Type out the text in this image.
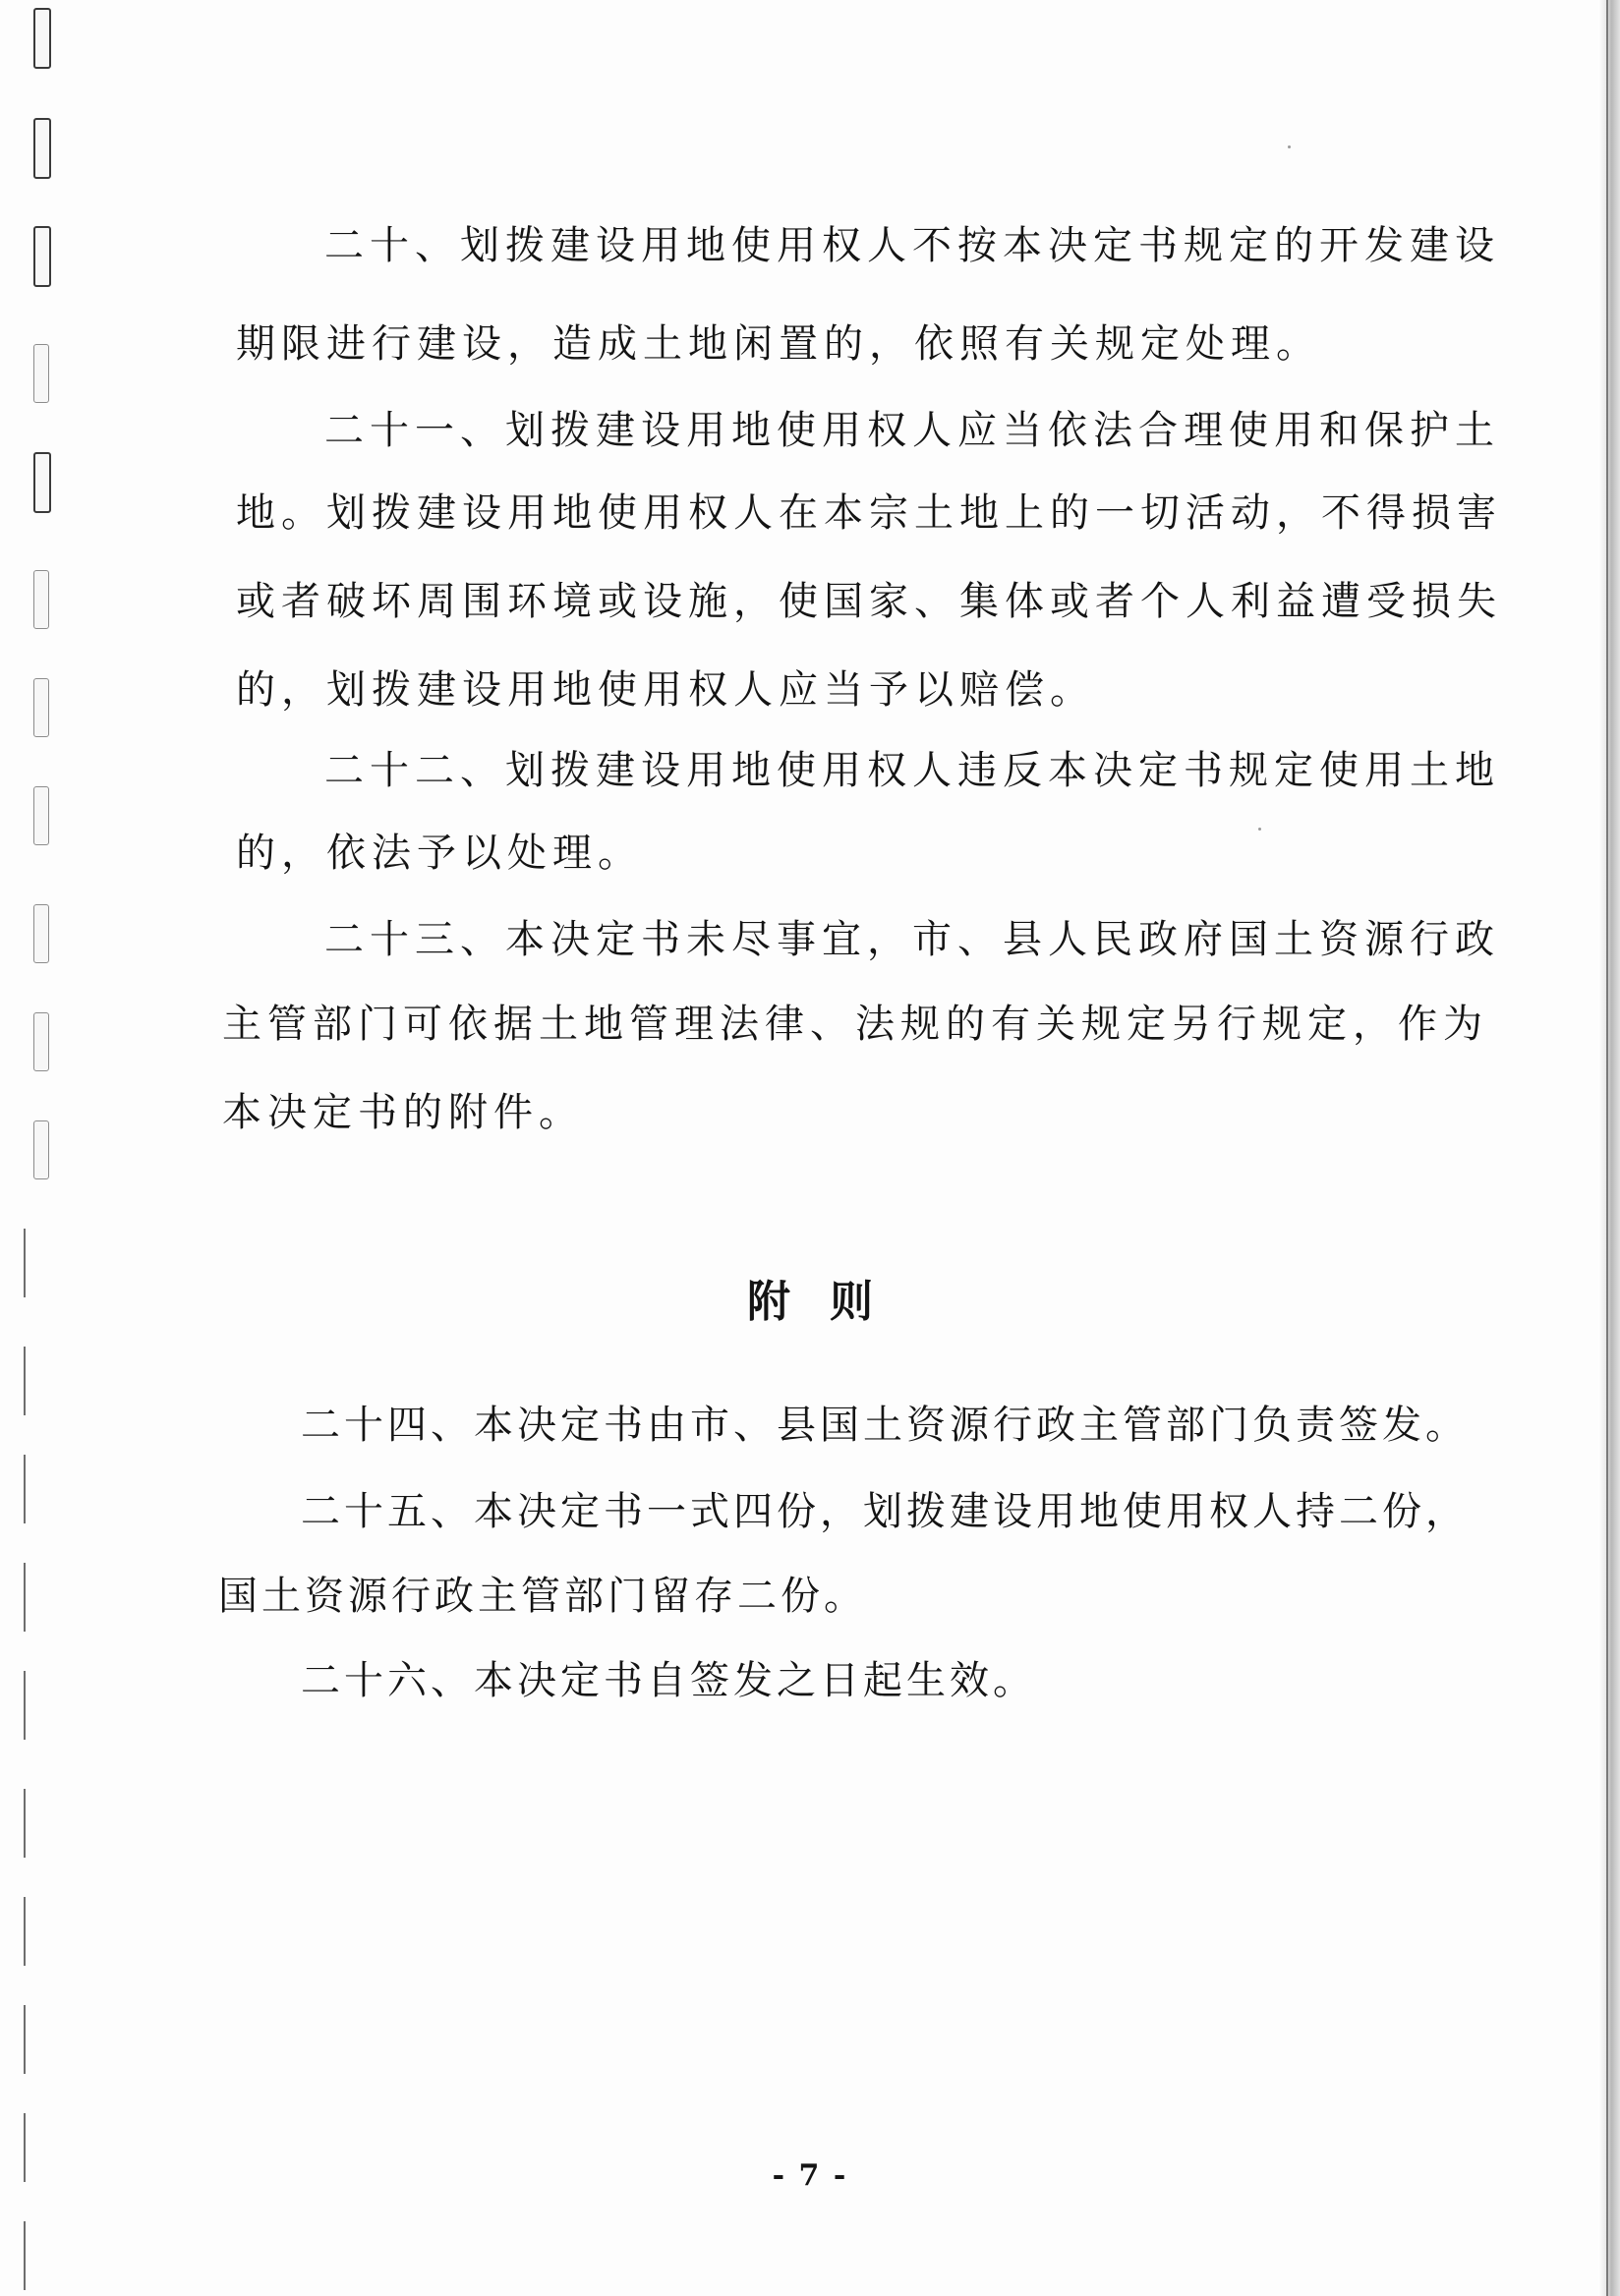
二十、划拨建设用地使用权人不按本决定书规定的开发建设

期限进行建设，造成土地闲置的，依照有关规定处理。

二十一、划拨建设用地使用权人应当依法合理使用和保护土

地。划拨建设用地使用权人在本宗土地上的一切活动，不得损害
或者破坏周围环境或设施，使国家、集体或者个人利益遭受损失
的，划拨建设用地使用权人应当予以赔偿。

二十二、划拨建设用地使用权人违反本决定书规定使用土地

的，依法予以处理。

二十三、本决定书未尽事宜，市、县人民政府国土资源行政

主管部门可依据土地管理法律、法规的有关规定另行规定，作为
本决定书的附件。

附则

二十四、本决定书由市、县国土资源行政主管部门负责签发。

二十五、本决定书一式四份，划拨建设用地使用权人持二份，

国土资源行政主管部门留存二份。

二十六、本决定书自签发之日起生效。

- 7 -
